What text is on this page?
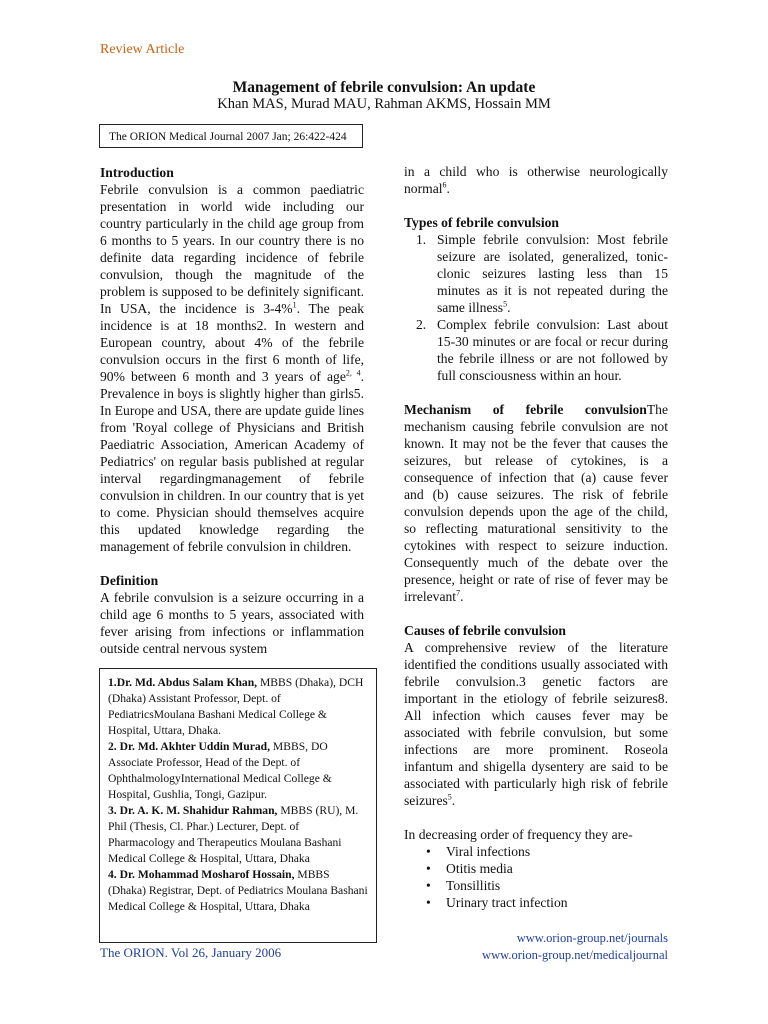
Review Article
Management of febrile convulsion: An update
Khan MAS, Murad MAU, Rahman AKMS, Hossain MM
The ORION Medical Journal 2007 Jan; 26:422-424

Introduction

Febrile convulsion is a common paediatric presentation in world wide including our country particularly in the child age group from 6 months to 5 years. In our country there is no definite data regarding incidence of febrile convulsion, though the magnitude of the problem is supposed to be definitely significant. In USA, the incidence is 3-4%$^1$. The peak incidence is at 18 months2. In western and European country, about 4% of the febrile convulsion occurs in the first 6 month of life, 90% between 6 month and 3 years of age$^{2, 4}$. Prevalence in boys is slightly higher than girls5. In Europe and USA, there are update guide lines from 'Royal college of Physicians and British Paediatric Association, American Academy of Pediatrics' on regular basis published at regular interval regardingmanagement of febrile convulsion in children. In our country that is yet to come. Physician should themselves acquire this updated knowledge regarding the management of febrile convulsion in children.

Definition

A febrile convulsion is a seizure occurring in a child age 6 months to 5 years, associated with fever arising from infections or inflammation outside central nervous system

1.Dr. Md. Abdus Salam Khan, MBBS (Dhaka), DCH (Dhaka) Assistant Professor, Dept. of PediatricsMoulana Bashani Medical College & Hospital, Uttara, Dhaka.

2. Dr. Md. Akhter Uddin Murad, MBBS, DO Associate Professor, Head of the Dept. of OphthalmologyInternational Medical College & Hospital, Gushlia, Tongi, Gazipur.

3. Dr. A. K. M. Shahidur Rahman, MBBS (RU), M. Phil (Thesis, Cl. Phar.) Lecturer, Dept. of Pharmacology and Therapeutics Moulana Bashani Medical College & Hospital, Uttara, Dhaka

4. Dr. Mohammad Mosharof Hossain, MBBS (Dhaka) Registrar, Dept. of Pediatrics Moulana Bashani Medical College & Hospital, Uttara, Dhaka

in a child who is otherwise neurologically normal$^6$.

Types of febrile convulsion

1. Simple febrile convulsion: Most febrile seizure are isolated, generalized, tonic-clonic seizures lasting less than 15 minutes as it is not repeated during the same illness$^5$.
2. Complex febrile convulsion: Last about 15-30 minutes or are focal or recur during the febrile illness or are not followed by full consciousness within an hour.

Mechanism of febrile convulsionThe mechanism causing febrile convulsion are not known. It may not be the fever that causes the seizures, but release of cytokines, is a consequence of infection that (a) cause fever and (b) cause seizures. The risk of febrile convulsion depends upon the age of the child, so reflecting maturational sensitivity to the cytokines with respect to seizure induction. Consequently much of the debate over the presence, height or rate of rise of fever may be irrelevant$^7$.

Causes of febrile convulsion

A comprehensive review of the literature identified the conditions usually associated with febrile convulsion.3 genetic factors are important in the etiology of febrile seizures8. All infection which causes fever may be associated with febrile convulsion, but some infections are more prominent. Roseola infantum and shigella dysentery are said to be associated with particularly high risk of febrile seizures$^5$.

In decreasing order of frequency they are-

• Viral infections
• Otitis media
• Tonsillitis
• Urinary tract infection
The ORION. Vol 26, January 2006
www.orion-group.net/journals
www.orion-group.net/medicaljournal
